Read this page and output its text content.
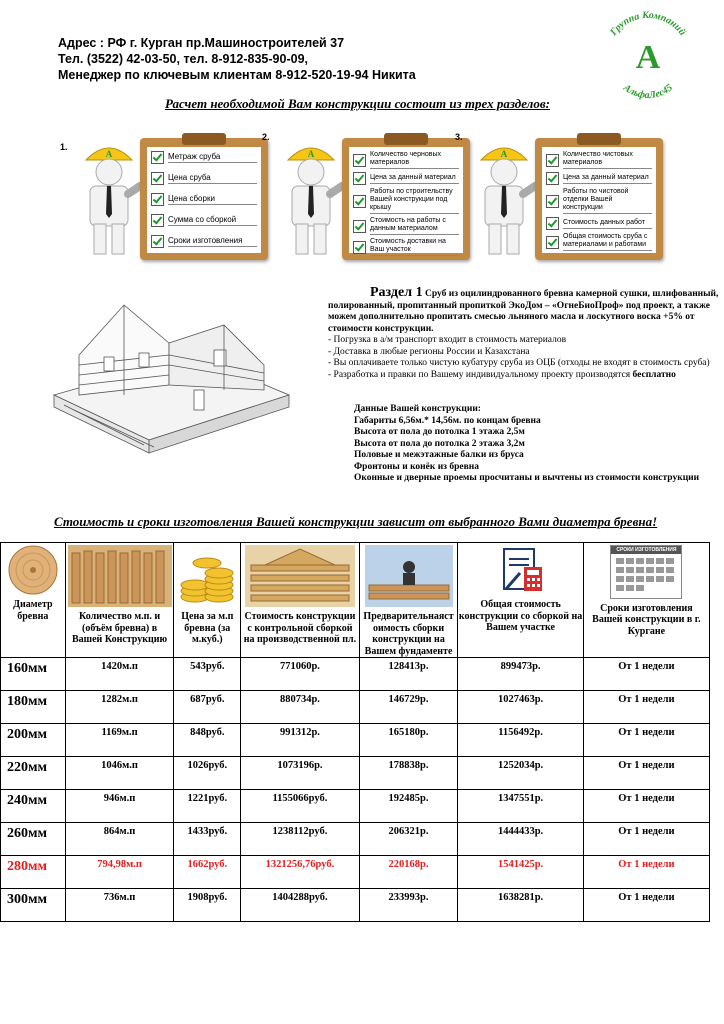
Адрес : РФ г. Курган пр.Машиностроителей 37
Тел. (3522) 42-03-50, тел. 8-912-835-90-09,
Менеджер по ключевым клиентам 8-912-520-19-94 Никита
Группа Компаний
А
АльфаЛес45
Расчет необходимой Вам конструкции состоит из трех разделов:
1.
А	Метраж сруба
Цена сруба
Цена сборки
Сумма со сборкой
Сроки изготовления
2.
А	Количество черновых материалов
Цена за данный материал
Работы по строительству Вашей конструкции под крышу
Стоимость на работы с данным материалом
Стоимость доставки на Ваш участок
3.
А	Количество чистовых материалов
Цена за данный материал
Работы по чистовой отделки Вашей конструкции
Стоимость данных работ
Общая стоимость сруба с материалами и работами
Раздел 1 Сруб из оцилиндрованного бревна камерной сушки, шлифованный, полированный, пропитанный пропиткой ЭкоДом – «ОгнеБиоПроф» под проект, а также можем дополнительно пропитать смесью льняного масла и лоскутного воска +5% от стоимости конструкции.
- Погрузка в а/м транспорт входит в стоимость материалов
- Доставка в любые регионы России и Казахстана
- Вы оплачиваете только чистую кубатуру сруба из ОЦБ (отходы не входят в стоимость сруба)
- Разработка и правки по Вашему индивидуальному проекту производятся бесплатно
Данные Вашей конструкции:
Габариты 6,56м.* 14,56м. по концам бревна
Высота от пола до потолка 1 этажа 2,5м
Высота от пола до потолка 2 этажа 3,2м
Половые и межэтажные балки из бруса
Фронтоны и конёк из бревна
Оконные и дверные проемы просчитаны и вычтены из стоимости конструкции
Стоимость и сроки изготовления Вашей конструкции зависит от выбранного Вами диаметра бревна!
Диаметр бревна	Количество м.п. и (объём бревна) в Вашей Конструкцию	Цена за м.п бревна (за м.куб.)	Стоимость конструкции с контрольной сборкой на производственной пл.	Предварительнаяст оимость сборки конструкции на Вашем фундаменте	Общая стоимость конструкции со сборкой на Вашем участке	СРОКИ ИЗГОТОВЛЕНИЯ
Сроки изготовления Вашей конструкции в г. Кургане

160мм	1420м.п	543руб.	771060р.	128413р.	899473р.	От 1 недели
180мм	1282м.п	687руб.	880734р.	146729р.	1027463р.	От 1 недели
200мм	1169м.п	848руб.	991312р.	165180р.	1156492р.	От 1 недели
220мм	1046м.п	1026руб.	1073196р.	178838р.	1252034р.	От 1 недели
240мм	946м.п	1221руб.	1155066руб.	192485р.	1347551р.	От 1 недели
260мм	864м.п	1433руб.	1238112руб.	206321р.	1444433р.	От 1 недели
280мм	794,98м.п	1662руб.	1321256,76руб.	220168р.	1541425р.	От 1 недели
300мм	736м.п	1908руб.	1404288руб.	233993р.	1638281р.	От 1 недели
